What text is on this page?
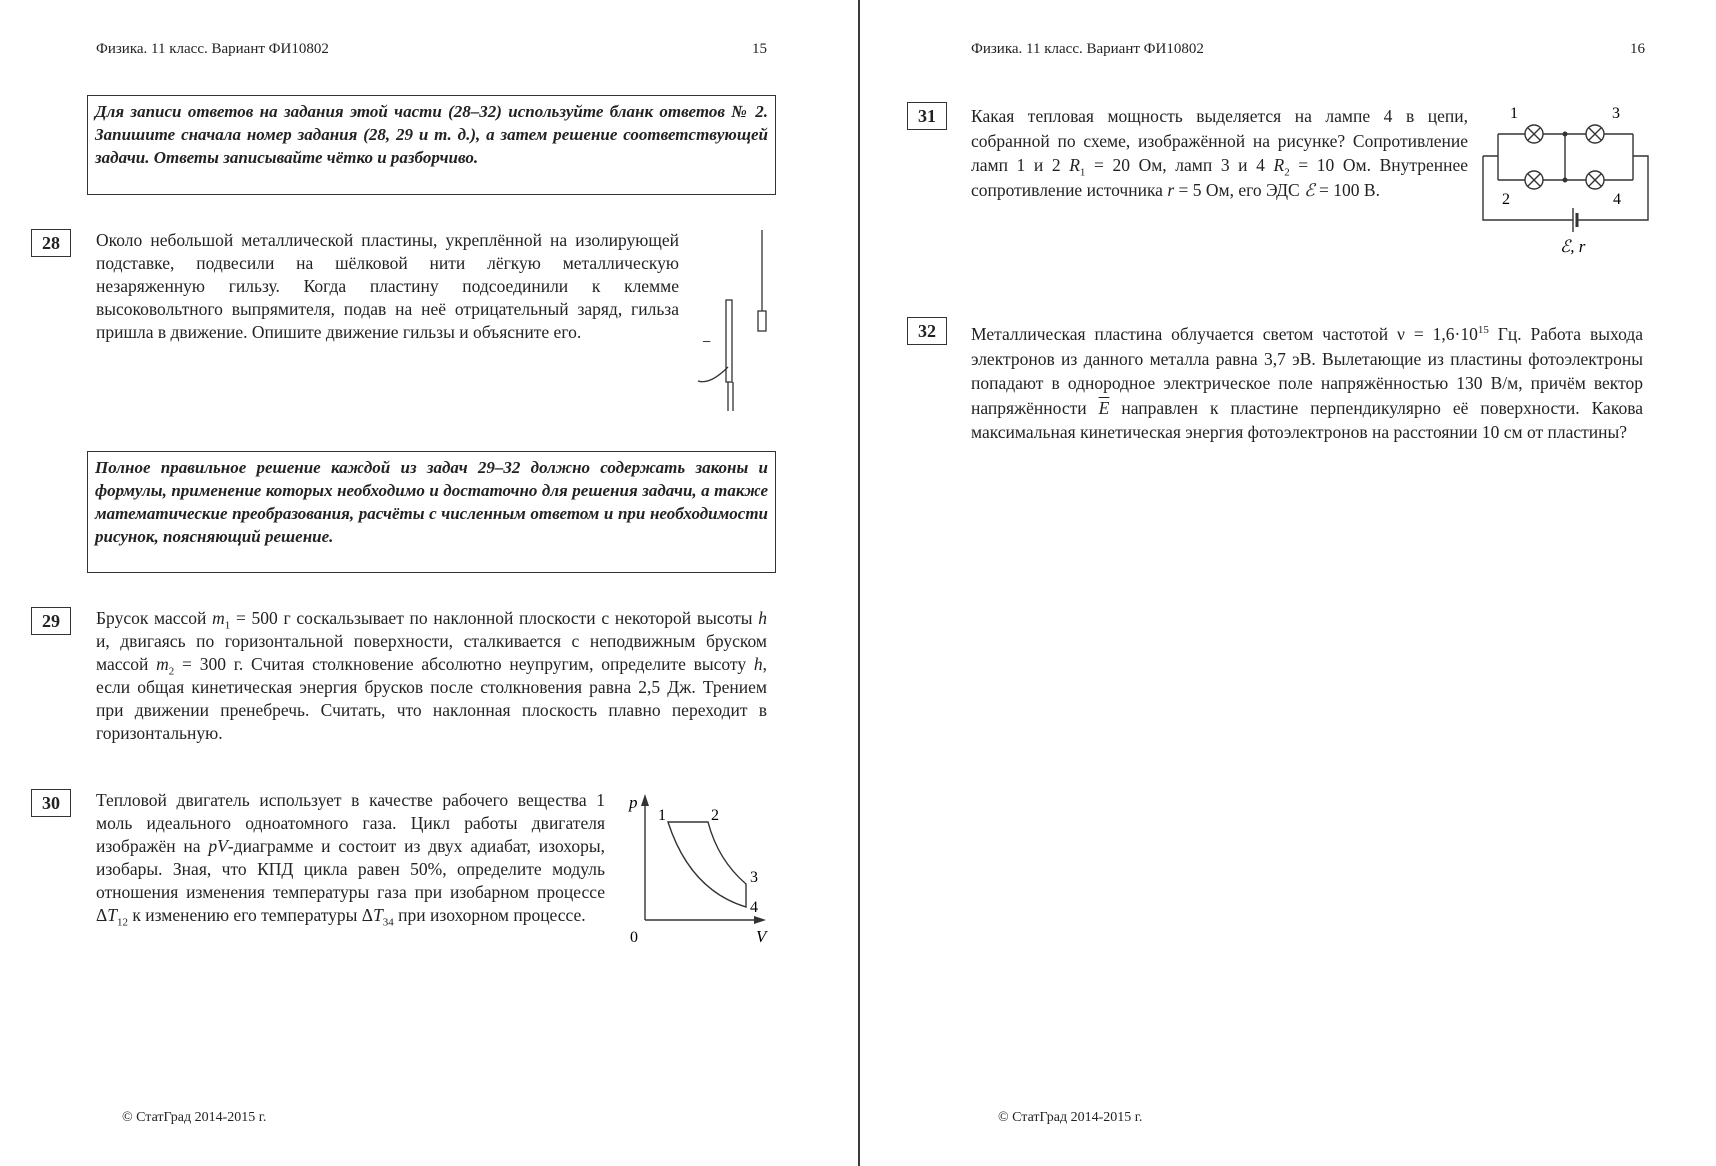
Физика. 11 класс. Вариант ФИ10802	15
Для записи ответов на задания этой части (28–32) используйте бланк ответов № 2. Запишите сначала номер задания (28, 29 и т. д.), а затем решение соответствующей задачи. Ответы записывайте чётко и разборчиво.
28	Около небольшой металлической пластины, укреплённой на изолирующей подставке, подвесили на шёлковой нити лёгкую металлическую незаряженную гильзу. Когда пластину подсоединили к клемме высоковольтного выпрямителя, подав на неё отрицательный заряд, гильза пришла в движение. Опишите движение гильзы и объясните его.
−
Полное правильное решение каждой из задач 29–32 должно содержать законы и формулы, применение которых необходимо и достаточно для решения задачи, а также математические преобразования, расчёты с численным ответом и при необходимости рисунок, поясняющий решение.
29	Брусок массой $m_1 = 500$ г соскальзывает по наклонной плоскости с некоторой высоты h и, двигаясь по горизонтальной поверхности, сталкивается с неподвижным бруском массой $m_2 = 300$ г. Считая столкновение абсолютно неупругим, определите высоту h, если общая кинетическая энергия брусков после столкновения равна 2,5 Дж. Трением при движении пренебречь. Считать, что наклонная плоскость плавно переходит в горизонтальную.
30	Тепловой двигатель использует в качестве рабочего вещества 1 моль идеального одноатомного газа. Цикл работы двигателя изображён на pV-диаграмме и состоит из двух адиабат, изохоры, изобары. Зная, что КПД цикла равен 50%, определите модуль отношения изменения температуры газа при изобарном процессе $\Delta T_{12}$ к изменению его температуры $\Delta T_{34}$ при изохорном процессе.
p
V
0
1	2
3
4
© СтатГрад 2014-2015 г.
Физика. 11 класс. Вариант ФИ10802	16
31	Какая тепловая мощность выделяется на лампе 4 в цепи, собранной по схеме, изображённой на рисунке? Сопротивление ламп 1 и 2 $R_1 = 20$ Ом, ламп 3 и 4 $R_2 = 10$ Ом. Внутреннее сопротивление источника r = 5 Ом, его ЭДС ℰ = 100 В.
1	3
2	4
ℰ, r
32	Металлическая пластина облучается светом частотой $\nu = 1,6\cdot 10^{15}$ Гц. Работа выхода электронов из данного металла равна 3,7 эВ. Вылетающие из пластины фотоэлектроны попадают в однородное электрическое поле напряжённостью 130 В/м, причём вектор напряжённости $\overline{E}$ направлен к пластине перпендикулярно её поверхности. Какова максимальная кинетическая энергия фотоэлектронов на расстоянии 10 см от пластины?
© СтатГрад 2014-2015 г.
